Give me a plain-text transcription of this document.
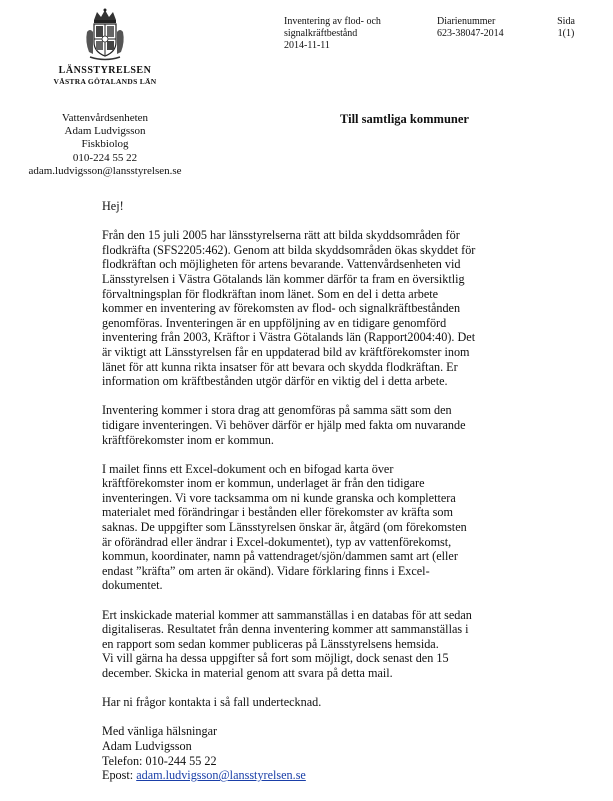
LÄNSSTYRELSEN
VÄSTRA GÖTALANDS LÄN
Vattenvårdsenheten
Adam Ludvigsson
Fiskbiolog
010-224 55 22
adam.ludvigsson@lansstyrelsen.se
Inventering av flod- och
signalkräftbestånd
2014-11-11
Diarienummer
623-38047-2014
Sida
1(1)
Till samtliga kommuner

Hej!

Från den 15 juli 2005 har länsstyrelserna rätt att bilda skyddsområden för
flodkräfta (SFS2205:462). Genom att bilda skyddsområden ökas skyddet för
flodkräftan och möjligheten för artens bevarande. Vattenvårdsenheten vid
Länsstyrelsen i Västra Götalands län kommer därför ta fram en översiktlig
förvaltningsplan för flodkräftan inom länet. Som en del i detta arbete
kommer en inventering av förekomsten av flod- och signalkräftbestånden
genomföras. Inventeringen är en uppföljning av en tidigare genomförd
inventering från 2003, Kräftor i Västra Götalands län (Rapport2004:40). Det
är viktigt att Länsstyrelsen får en uppdaterad bild av kräftförekomster inom
länet för att kunna rikta insatser för att bevara och skydda flodkräftan. Er
information om kräftbestånden utgör därför en viktig del i detta arbete.

Inventering kommer i stora drag att genomföras på samma sätt som den
tidigare inventeringen. Vi behöver därför er hjälp med fakta om nuvarande
kräftförekomster inom er kommun.

I mailet finns ett Excel-dokument och en bifogad karta över
kräftförekomster inom er kommun, underlaget är från den tidigare
inventeringen. Vi vore tacksamma om ni kunde granska och komplettera
materialet med förändringar i bestånden eller förekomster av kräfta som
saknas. De uppgifter som Länsstyrelsen önskar är, åtgärd (om förekomsten
är oförändrad eller ändrar i Excel-dokumentet), typ av vattenförekomst,
kommun, koordinater, namn på vattendraget/sjön/dammen samt art (eller
endast ”kräfta” om arten är okänd). Vidare förklaring finns i Excel-
dokumentet.

Ert inskickade material kommer att sammanställas i en databas för att sedan
digitaliseras. Resultatet från denna inventering kommer att sammanställas i
en rapport som sedan kommer publiceras på Länsstyrelsens hemsida.
Vi vill gärna ha dessa uppgifter så fort som möjligt, dock senast den 15
december. Skicka in material genom att svara på detta mail.

Har ni frågor kontakta i så fall undertecknad.

Med vänliga hälsningar
Adam Ludvigsson
Telefon: 010-244 55 22
Epost: adam.ludvigsson@lansstyrelsen.se
